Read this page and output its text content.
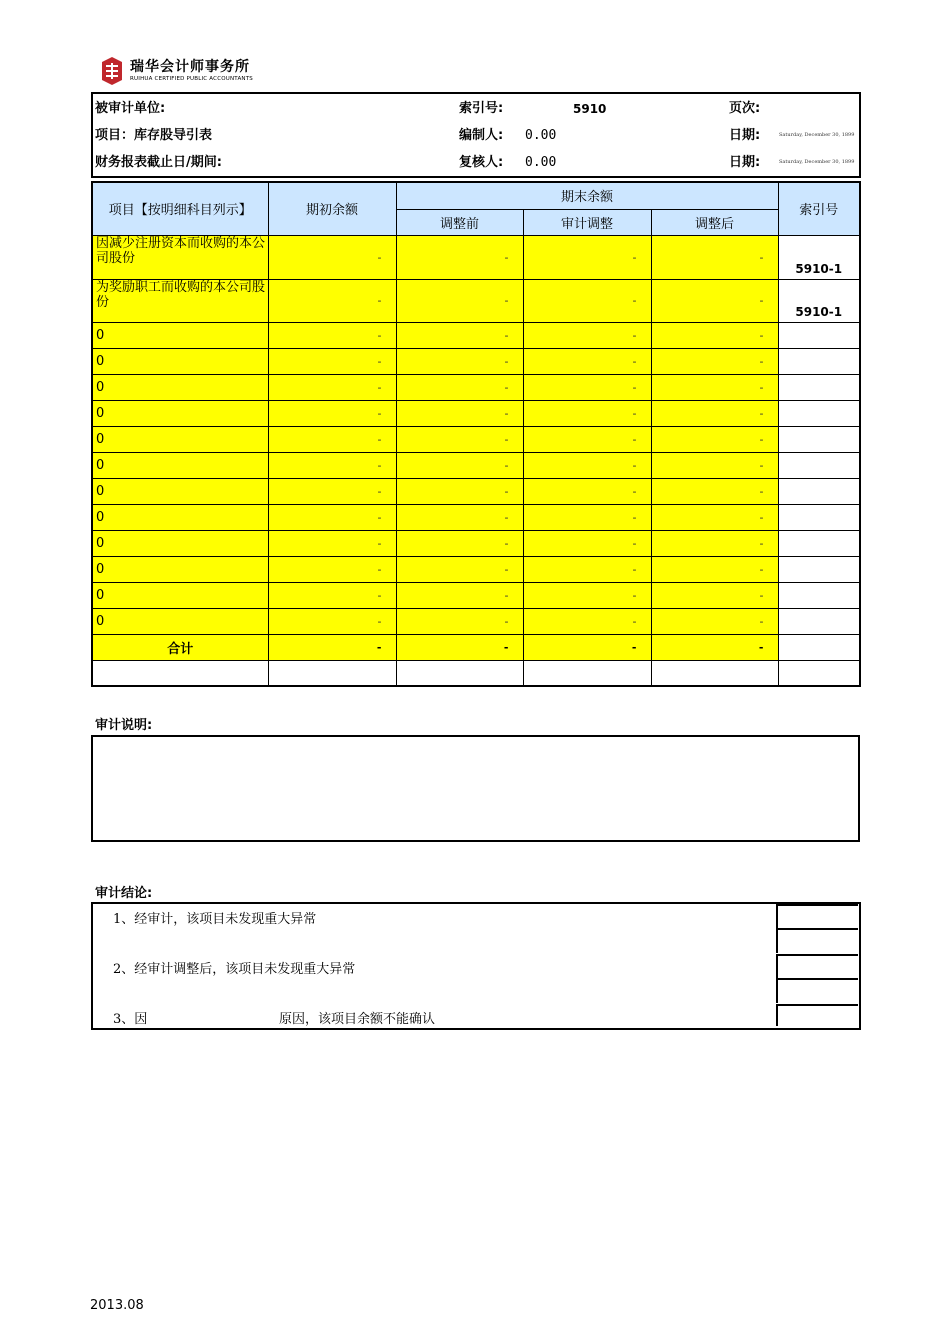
瑞华会计师事务所
RUIHUA CERTIFIED PUBLIC ACCOUNTANTS
被审计单位:
项目：库存股导引表
财务报表截止日/期间:
索引号:	5910
编制人: 0.00
复核人: 0.00
页次:
日期:	Saturday, December 30, 1899
日期:	Saturday, December 30, 1899
项目【按明细科目列示】	期初余额	期末余额			索引号
		调整前	审计调整	调整后	
因减少注册资本而收购的本公司股份	-	-	-	-	5910-1
为奖励职工而收购的本公司股份	-	-	-	-	5910-1
0	-	-	-	-	
0	-	-	-	-	
0	-	-	-	-	
0	-	-	-	-	
0	-	-	-	-	
0	-	-	-	-	
0	-	-	-	-	
0	-	-	-	-	
0	-	-	-	-	
0	-	-	-	-	
0	-	-	-	-	
0	-	-	-	-	
合计	-	-	-	-	

审计说明:
审计结论:
1、经审计，该项目未发现重大异常
2、经审计调整后，该项目未发现重大异常
3、因	原因，该项目余额不能确认
2013.08
